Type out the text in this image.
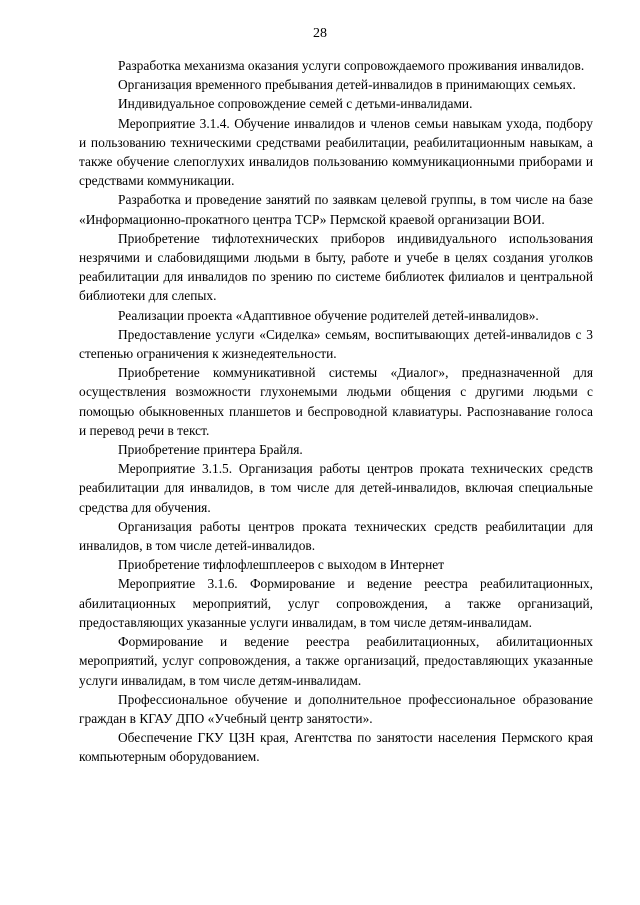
28

Разработка механизма оказания услуги сопровождаемого проживания инвалидов.

Организация временного пребывания детей-инвалидов в принимающих семьях.

Индивидуальное сопровождение семей с детьми-инвалидами.

Мероприятие 3.1.4. Обучение инвалидов и членов семьи навыкам ухода, подбору и пользованию техническими средствами реабилитации, реабилитационным навыкам, а также обучение слепоглухих инвалидов пользованию коммуникационными приборами и средствами коммуникации.

Разработка и проведение занятий по заявкам целевой группы, в том числе на базе «Информационно-прокатного центра ТСР» Пермской краевой организации ВОИ.

Приобретение тифлотехнических приборов индивидуального использования незрячими и слабовидящими людьми в быту, работе и учебе в целях создания уголков реабилитации для инвалидов по зрению по системе библиотек филиалов и центральной библиотеки для слепых.

Реализации проекта «Адаптивное обучение родителей детей-инвалидов».

Предоставление услуги «Сиделка» семьям, воспитывающих детей-инвалидов с 3 степенью ограничения к жизнедеятельности.

Приобретение коммуникативной системы «Диалог», предназначенной для осуществления возможности глухонемыми людьми общения с другими людьми с помощью обыкновенных планшетов и беспроводной клавиатуры. Распознавание голоса и перевод речи в текст.

Приобретение принтера Брайля.

Мероприятие 3.1.5. Организация работы центров проката технических средств реабилитации для инвалидов, в том числе для детей-инвалидов, включая специальные средства для обучения.

Организация работы центров проката технических средств реабилитации для инвалидов, в том числе детей-инвалидов.

Приобретение тифлофлешплееров с выходом в Интернет

Мероприятие 3.1.6. Формирование и ведение реестра реабилитационных, абилитационных мероприятий, услуг сопровождения, а также организаций, предоставляющих указанные услуги инвалидам, в том числе детям-инвалидам.

Формирование и ведение реестра реабилитационных, абилитационных мероприятий, услуг сопровождения, а также организаций, предоставляющих указанные услуги инвалидам, в том числе детям-инвалидам.

Профессиональное обучение и дополнительное профессиональное образование граждан в КГАУ ДПО «Учебный центр занятости».

Обеспечение ГКУ ЦЗН края, Агентства по занятости населения Пермского края компьютерным оборудованием.
